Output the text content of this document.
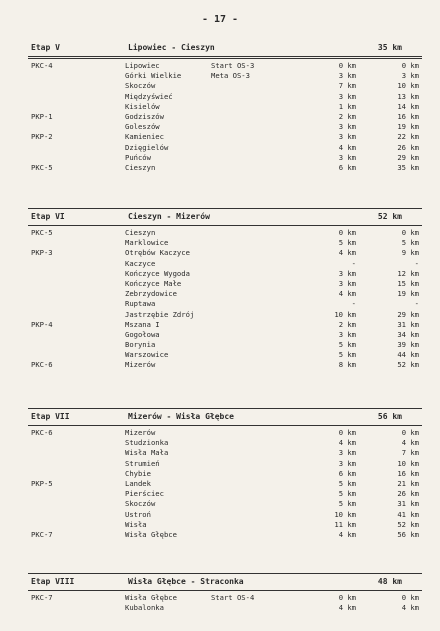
- 17 -
Etap V	Lipowiec - Cieszyn	35 km
PKC-4	Lipowiec	Start OS-3	0 km	0 km
Górki Wielkie	Meta OS-3	3 km	3 km
Skoczów	7 km	10 km
Międzyświeć	3 km	13 km
Kisielów	1 km	14 km
PKP-1	Godziszów	2 km	16 km
Goleszów	3 km	19 km
PKP-2	Kamieniec	3 km	22 km
Dzięgielów	4 km	26 km
Puńców	3 km	29 km
PKC-5	Cieszyn	6 km	35 km
Etap VI	Cieszyn - Mizerów	52 km
PKC-5	Cieszyn	0 km	0 km
Marklowice	5 km	5 km
PKP-3	Otrębów Kaczyce	4 km	9 km
Kaczyce	-	-
Kończyce Wygoda	3 km	12 km
Kończyce Małe	3 km	15 km
Zebrzydowice	4 km	19 km
Ruptawa	-	-
Jastrzębie Zdrój	10 km	29 km
PKP-4	Mszana I	2 km	31 km
Gogołowa	3 km	34 km
Borynia	5 km	39 km
Warszowice	5 km	44 km
PKC-6	Mizerów	8 km	52 km
Etap VII	Mizerów - Wisła Głębce	56 km
PKC-6	Mizerów	0 km	0 km
Studzionka	4 km	4 km
Wisła Mała	3 km	7 km
Strumień	3 km	10 km
Chybie	6 km	16 km
PKP-5	Landek	5 km	21 km
Pierściec	5 km	26 km
Skoczów	5 km	31 km
Ustroń	10 km	41 km
Wisła	11 km	52 km
PKC-7	Wisła Głębce	4 km	56 km
Etap VIII	Wisła Głębce - Straconka	48 km
PKC-7	Wisła Głębce	Start OS-4	0 km	0 km
Kubalonka	4 km	4 km
